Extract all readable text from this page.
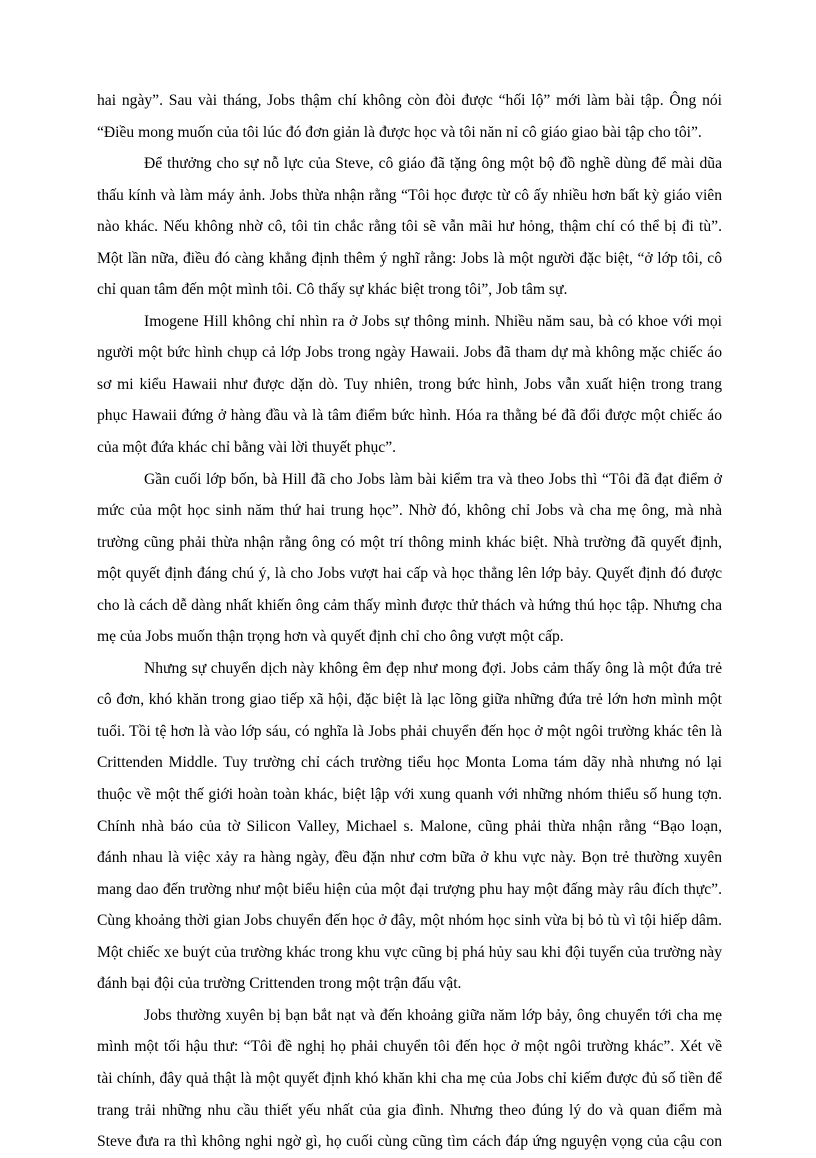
hai ngày”. Sau vài tháng, Jobs thậm chí không còn đòi được “hối lộ” mới làm bài tập. Ông nói
“Điều mong muốn của tôi lúc đó đơn giản là được học và tôi năn nỉ cô giáo giao bài tập cho tôi”.

Để thưởng cho sự nỗ lực của Steve, cô giáo đã tặng ông một bộ đồ nghề dùng để mài dũa
thấu kính và làm máy ảnh. Jobs thừa nhận rằng “Tôi học được từ cô ấy nhiều hơn bất kỳ giáo viên
nào khác. Nếu không nhờ cô, tôi tin chắc rằng tôi sẽ vẫn mãi hư hỏng, thậm chí có thể bị đi tù”.
Một lần nữa, điều đó càng khẳng định thêm ý nghĩ rằng: Jobs là một người đặc biệt, “ở lớp tôi, cô
chỉ quan tâm đến một mình tôi. Cô thấy sự khác biệt trong tôi”, Job tâm sự.

Imogene Hill không chỉ nhìn ra ở Jobs sự thông minh. Nhiều năm sau, bà có khoe với mọi
người một bức hình chụp cả lớp Jobs trong ngày Hawaii. Jobs đã tham dự mà không mặc chiếc áo
sơ mi kiểu Hawaii như được dặn dò. Tuy nhiên, trong bức hình, Jobs vẫn xuất hiện trong trang
phục Hawaii đứng ở hàng đầu và là tâm điểm bức hình. Hóa ra thằng bé đã đổi được một chiếc áo
của một đứa khác chỉ bằng vài lời thuyết phục”.

Gần cuối lớp bốn, bà Hill đã cho Jobs làm bài kiểm tra và theo Jobs thì “Tôi đã đạt điểm ở
mức của một học sinh năm thứ hai trung học”. Nhờ đó, không chỉ Jobs và cha mẹ ông, mà nhà
trường cũng phải thừa nhận rằng ông có một trí thông minh khác biệt. Nhà trường đã quyết định,
một quyết định đáng chú ý, là cho Jobs vượt hai cấp và học thẳng lên lớp bảy. Quyết định đó được
cho là cách dễ dàng nhất khiến ông cảm thấy mình được thử thách và hứng thú học tập. Nhưng cha
mẹ của Jobs muốn thận trọng hơn và quyết định chỉ cho ông vượt một cấp.

Nhưng sự chuyển dịch này không êm đẹp như mong đợi. Jobs cảm thấy ông là một đứa trẻ
cô đơn, khó khăn trong giao tiếp xã hội, đặc biệt là lạc lõng giữa những đứa trẻ lớn hơn mình một
tuổi. Tồi tệ hơn là vào lớp sáu, có nghĩa là Jobs phải chuyển đến học ở một ngôi trường khác tên là
Crittenden Middle. Tuy trường chỉ cách trường tiểu học Monta Loma tám dãy nhà nhưng nó lại
thuộc về một thế giới hoàn toàn khác, biệt lập với xung quanh với những nhóm thiểu số hung tợn.
Chính nhà báo của tờ Silicon Valley, Michael s. Malone, cũng phải thừa nhận rằng “Bạo loạn,
đánh nhau là việc xảy ra hàng ngày, đều đặn như cơm bữa ở khu vực này. Bọn trẻ thường xuyên
mang dao đến trường như một biểu hiện của một đại trượng phu hay một đấng mày râu đích thực”.
Cùng khoảng thời gian Jobs chuyển đến học ở đây, một nhóm học sinh vừa bị bỏ tù vì tội hiếp dâm.
Một chiếc xe buýt của trường khác trong khu vực cũng bị phá hủy sau khi đội tuyển của trường này
đánh bại đội của trường Crittenden trong một trận đấu vật.

Jobs thường xuyên bị bạn bắt nạt và đến khoảng giữa năm lớp bảy, ông chuyển tới cha mẹ
mình một tối hậu thư: “Tôi đề nghị họ phải chuyển tôi đến học ở một ngôi trường khác”. Xét về
tài chính, đây quả thật là một quyết định khó khăn khi cha mẹ của Jobs chỉ kiếm được đủ số tiền để
trang trải những nhu cầu thiết yếu nhất của gia đình. Nhưng theo đúng lý do và quan điểm mà
Steve đưa ra thì không nghi ngờ gì, họ cuối cùng cũng tìm cách đáp ứng nguyện vọng của cậu con
